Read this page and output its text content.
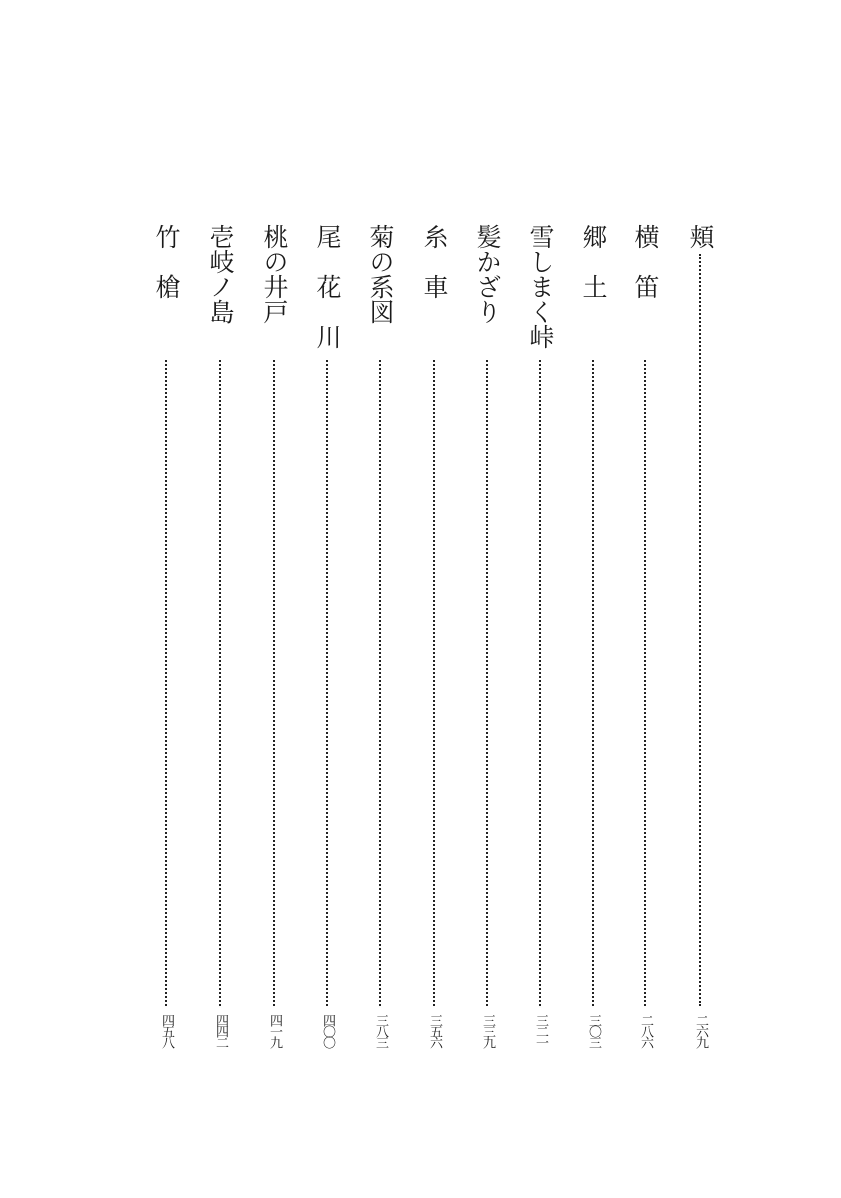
頬
二六九
横　笛
二八六
郷　土
三〇三
雪しまく峠
三二一
髪かざり
三三九
糸　車
三五六
菊の系図
三八三
尾　花　川
四〇〇
桃の井戸
四一九
壱岐ノ島
四四二
竹　槍
四五八
